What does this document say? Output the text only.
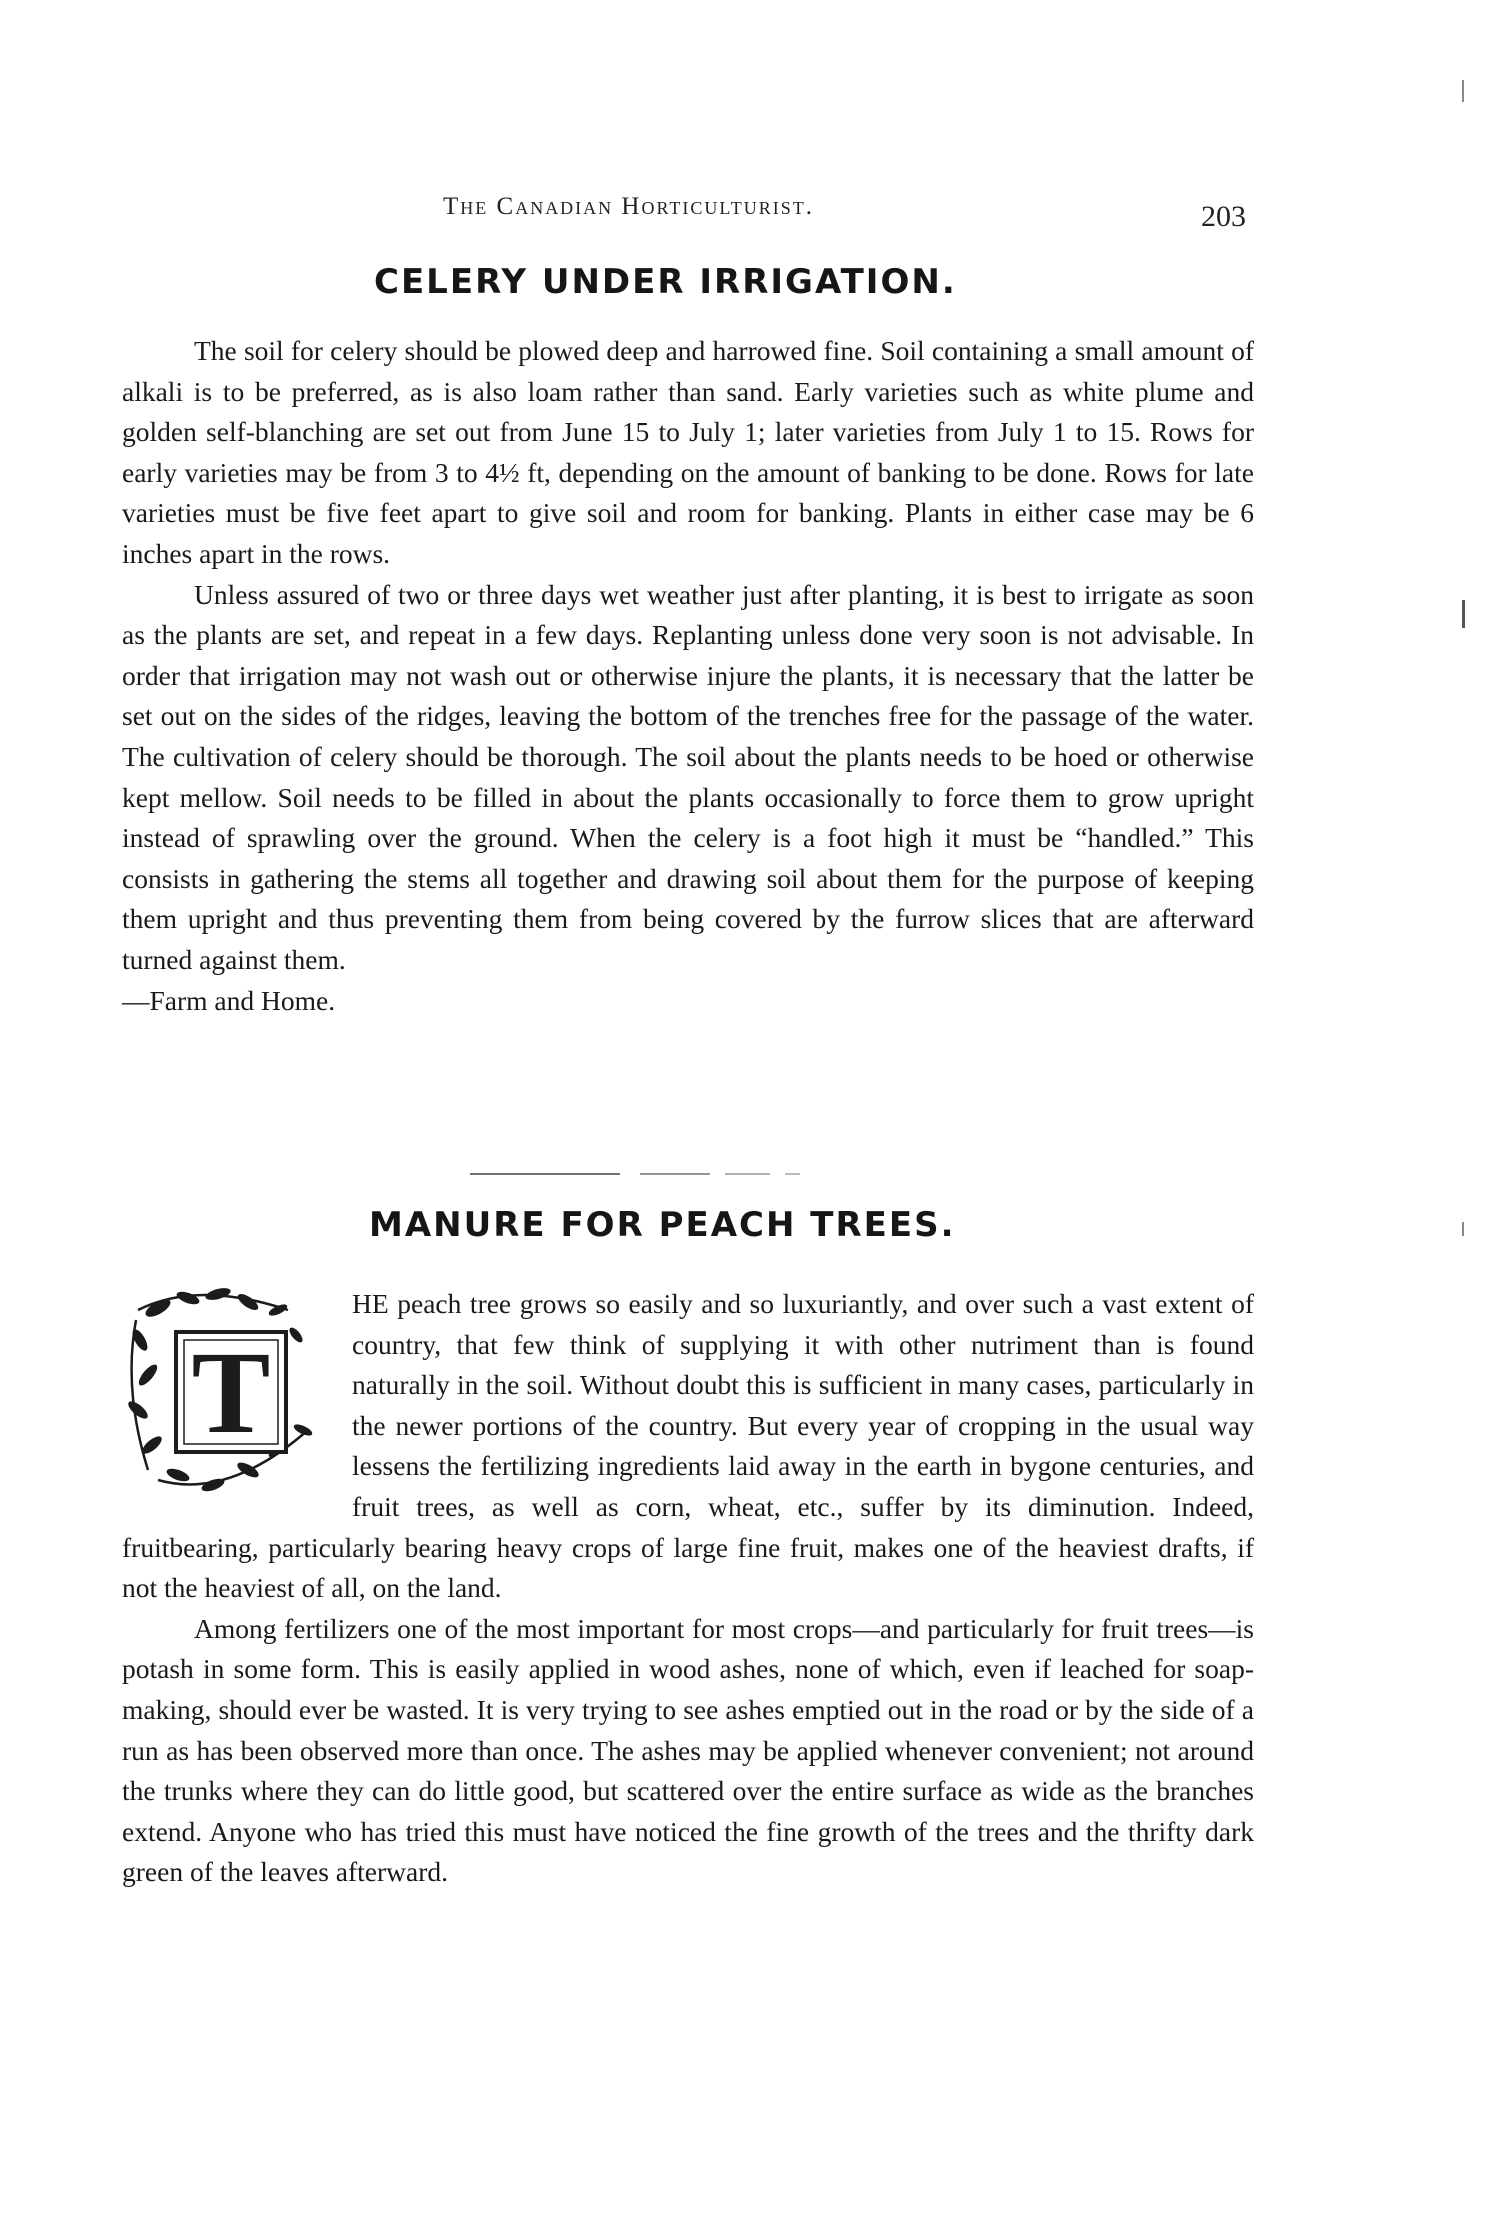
The Canadian Horticulturist.	203
CELERY UNDER IRRIGATION.

The soil for celery should be plowed deep and harrowed fine. Soil containing a small amount of alkali is to be preferred, as is also loam rather than sand. Early varieties such as white plume and golden self-blanching are set out from June 15 to July 1; later varieties from July 1 to 15. Rows for early varieties may be from 3 to 4½ ft, depending on the amount of banking to be done. Rows for late varieties must be five feet apart to give soil and room for banking. Plants in either case may be 6 inches apart in the rows.

Unless assured of two or three days wet weather just after planting, it is best to irrigate as soon as the plants are set, and repeat in a few days. Replanting unless done very soon is not advisable. In order that irrigation may not wash out or otherwise injure the plants, it is necessary that the latter be set out on the sides of the ridges, leaving the bottom of the trenches free for the passage of the water. The cultivation of celery should be thorough. The soil about the plants needs to be hoed or otherwise kept mellow. Soil needs to be filled in about the plants occasionally to force them to grow upright instead of sprawling over the ground. When the celery is a foot high it must be “handled.” This consists in gathering the stems all together and drawing soil about them for the purpose of keeping them upright and thus preventing them from being covered by the furrow slices that are afterward turned against them.

—Farm and Home.

MANURE FOR PEACH TREES.

T
HE peach tree grows so easily and so luxuriantly, and over such a vast extent of country, that few think of supplying it with other nutriment than is found naturally in the soil. Without doubt this is sufficient in many cases, particularly in the newer portions of the country. But every year of cropping in the usual way lessens the fertilizing ingredients laid away in the earth in bygone centuries, and fruit trees, as well as corn, wheat, etc., suffer by its diminution. Indeed, fruitbearing, particularly bearing heavy crops of large fine fruit, makes one of the heaviest drafts, if not the heaviest of all, on the land.

Among fertilizers one of the most important for most crops—and particularly for fruit trees—is potash in some form. This is easily applied in wood ashes, none of which, even if leached for soap-making, should ever be wasted. It is very trying to see ashes emptied out in the road or by the side of a run as has been observed more than once. The ashes may be applied whenever convenient; not around the trunks where they can do little good, but scattered over the entire surface as wide as the branches extend. Anyone who has tried this must have noticed the fine growth of the trees and the thrifty dark green of the leaves afterward.
